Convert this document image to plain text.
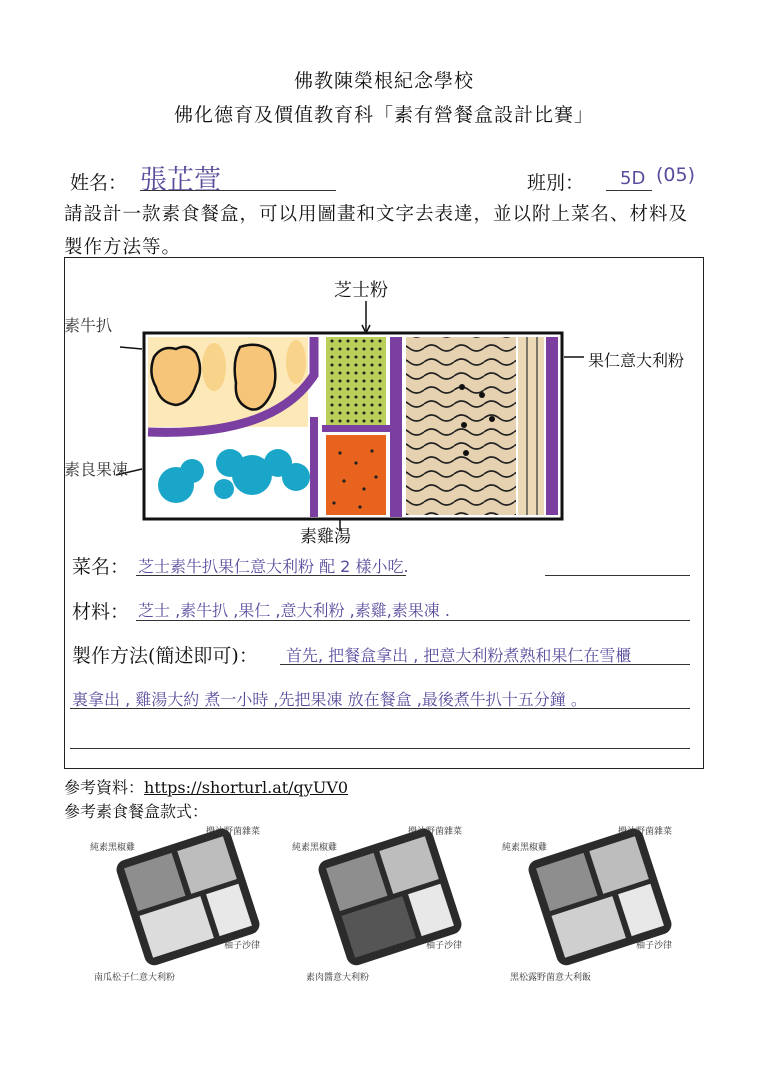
佛教陳榮根紀念學校
佛化德育及價值教育科「素有營餐盒設計比賽」
姓名： 張芷萱	班別： 5D (05)
請設計一款素食餐盒，可以用圖畫和文字去表達，並以附上菜名、材料及製作方法等。
芝士粉
素牛扒
素良果凍
果仁意大利粉
素雞湯
菜名： 芝士素牛扒果仁意大利粉 配 2 樣小吃.
材料： 芝士 ,素牛扒 ,果仁 ,意大利粉 ,素雞,素果凍 .
製作方法(簡述即可)： 首先, 把餐盒拿出 , 把意大利粉煮熟和果仁在雪櫃
裏拿出 , 雞湯大約 煮一小時 ,先把果凍 放在餐盒 ,最後煮牛扒十五分鐘 。
參考資料：https://shorturl.at/qyUV0
參考素食餐盒款式：
純素黑椒雞
攪油野菌雜菜
柚子沙律
南瓜松子仁意大利粉
純素黑椒雞
攪油野菌雜菜
柚子沙律
素肉醬意大利粉
純素黑椒雞
攪油野菌雜菜
柚子沙律
黑松露野菌意大利飯
